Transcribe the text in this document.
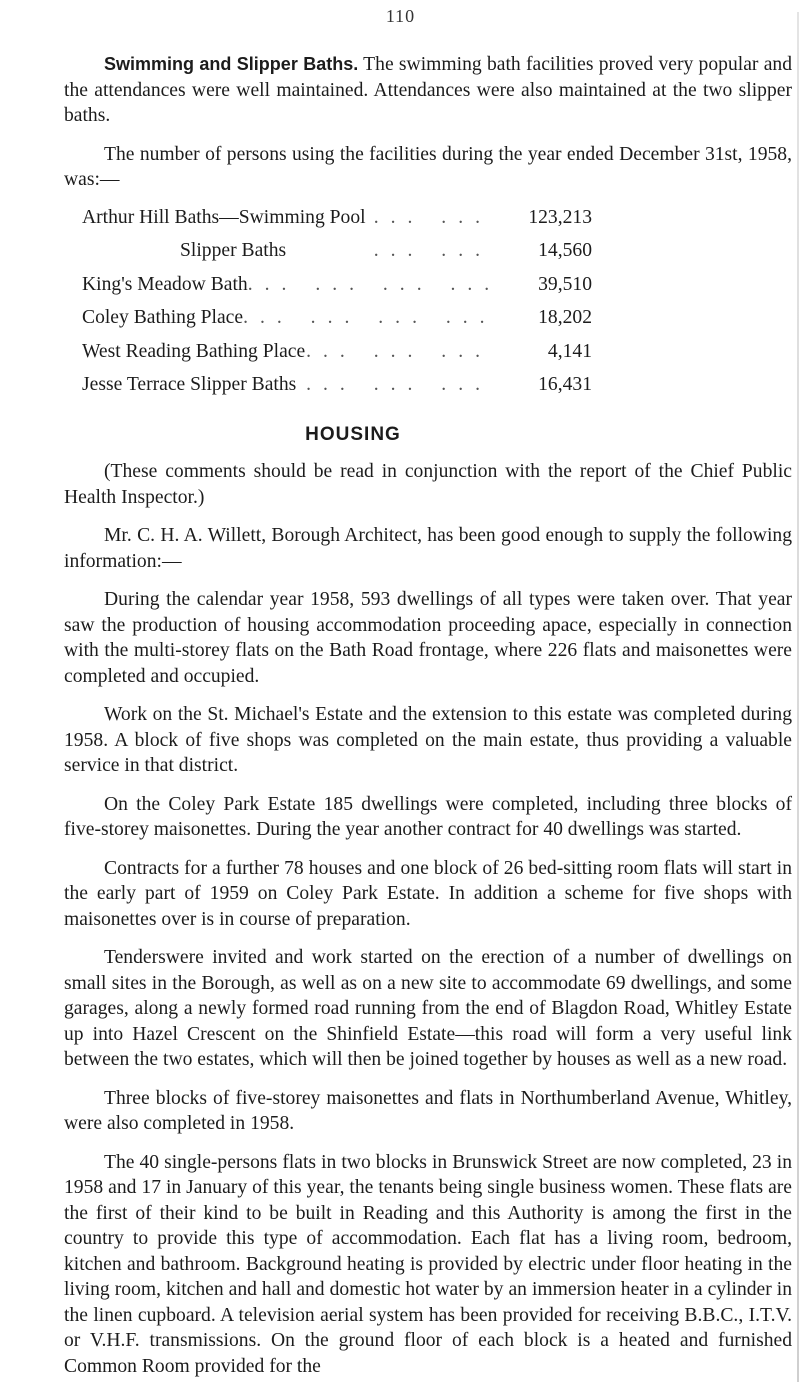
110

Swimming and Slipper Baths. The swimming bath facilities proved very popular and the attendances were well maintained. Attendances were also maintained at the two slipper baths.

The number of persons using the facilities during the year ended December 31st, 1958, was:—

Arthur Hill Baths—Swimming Pool ... ...	123,213
Slipper Baths	... ...	14,560
King's Meadow Bath ... ... ... ...	39,510
Coley Bathing Place ... ... ... ...	18,202
West Reading Bathing Place ... ... ...	4,141
Jesse Terrace Slipper Baths ... ... ...	16,431
HOUSING

(These comments should be read in conjunction with the report of the Chief Public Health Inspector.)

Mr. C. H. A. Willett, Borough Architect, has been good enough to supply the following information:—

During the calendar year 1958, 593 dwellings of all types were taken over. That year saw the production of housing accommodation proceeding apace, especially in connection with the multi-storey flats on the Bath Road frontage, where 226 flats and maisonettes were completed and occupied.

Work on the St. Michael's Estate and the extension to this estate was completed during 1958. A block of five shops was completed on the main estate, thus providing a valuable service in that district.

On the Coley Park Estate 185 dwellings were completed, including three blocks of five-storey maisonettes. During the year another contract for 40 dwellings was started.

Contracts for a further 78 houses and one block of 26 bed-sitting room flats will start in the early part of 1959 on Coley Park Estate. In addition a scheme for five shops with maisonettes over is in course of preparation.

Tenderswere invited and work started on the erection of a number of dwellings on small sites in the Borough, as well as on a new site to accommodate 69 dwellings, and some garages, along a newly formed road running from the end of Blagdon Road, Whitley Estate up into Hazel Crescent on the Shinfield Estate—this road will form a very useful link between the two estates, which will then be joined together by houses as well as a new road.

Three blocks of five-storey maisonettes and flats in Northumberland Avenue, Whitley, were also completed in 1958.

The 40 single-persons flats in two blocks in Brunswick Street are now completed, 23 in 1958 and 17 in January of this year, the tenants being single business women. These flats are the first of their kind to be built in Reading and this Authority is among the first in the country to provide this type of accommodation. Each flat has a living room, bedroom, kitchen and bathroom. Background heating is provided by electric under floor heating in the living room, kitchen and hall and domestic hot water by an immersion heater in a cylinder in the linen cupboard. A television aerial system has been provided for receiving B.B.C., I.T.V. or V.H.F. transmissions. On the ground floor of each block is a heated and furnished Common Room provided for the
